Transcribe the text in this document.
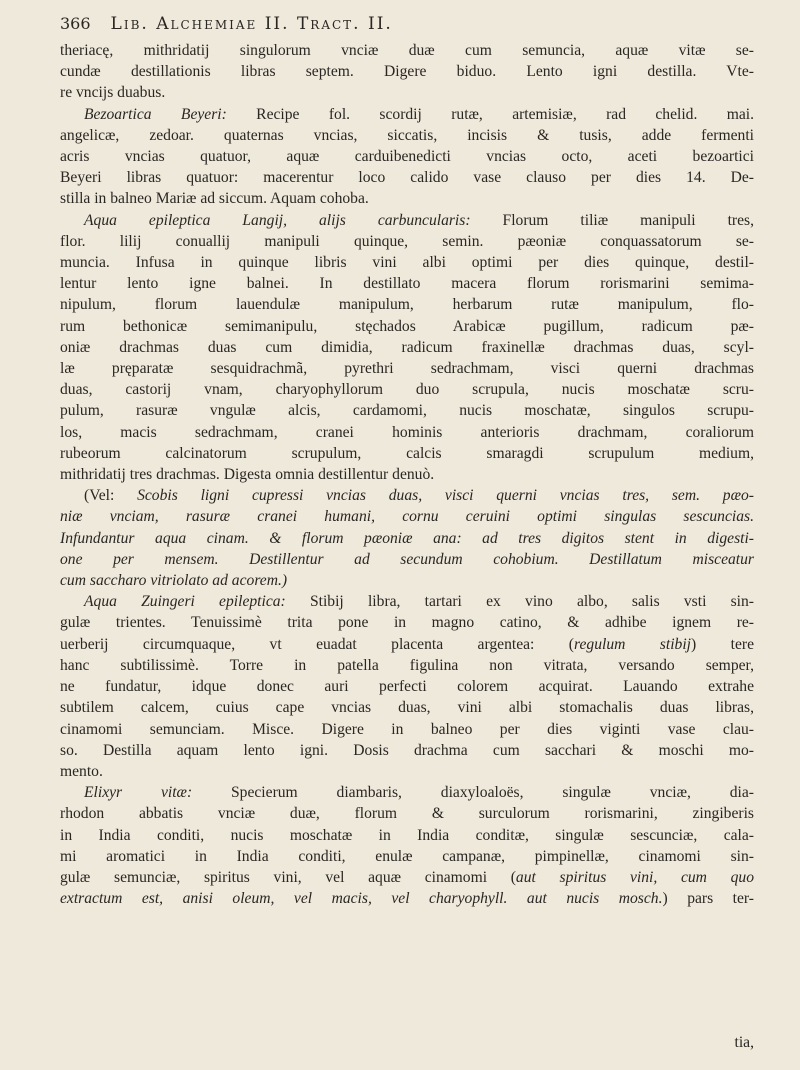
366 Lib. Alchemiae II. Tract. II.
theriacę, mithridatij singulorum vnciæ duæ cum semuncia, aquæ vitæ se-
cundæ destillationis libras septem. Digere biduo. Lento igni destilla. Vte-
re vncijs duabus.
Bezoartica Beyeri: Recipe fol. scordij rutæ, artemisiæ, rad chelid. mai.
angelicæ, zedoar. quaternas vncias, siccatis, incisis & tusis, adde fermenti
acris vncias quatuor, aquæ carduibenedicti vncias octo, aceti bezoartici
Beyeri libras quatuor: macerentur loco calido vase clauso per dies 14. De-
stilla in balneo Mariæ ad siccum. Aquam cohoba.
Aqua epileptica Langij, alijs carbuncularis: Florum tiliæ manipuli tres,
flor. lilij conuallij manipuli quinque, semin. pæoniæ conquassatorum se-
muncia. Infusa in quinque libris vini albi optimi per dies quinque, destil-
lentur lento igne balnei. In destillato macera florum rorismarini semima-
nipulum, florum lauendulæ manipulum, herbarum rutæ manipulum, flo-
rum bethonicæ semimanipulu, stęchados Arabicæ pugillum, radicum pæ-
oniæ drachmas duas cum dimidia, radicum fraxinellæ drachmas duas, scyl-
læ pręparatæ sesquidrachmã, pyrethri sedrachmam, visci querni drachmas
duas, castorij vnam, charyophyllorum duo scrupula, nucis moschatæ scru-
pulum, rasuræ vngulæ alcis, cardamomi, nucis moschatæ, singulos scrupu-
los, macis sedrachmam, cranei hominis anterioris drachmam, coraliorum
rubeorum calcinatorum scrupulum, calcis smaragdi scrupulum medium,
mithridatij tres drachmas. Digesta omnia destillentur denuò.
(Vel: Scobis ligni cupressi vncias duas, visci querni vncias tres, sem. pæo-
niæ vnciam, rasuræ cranei humani, cornu ceruini optimi singulas sescuncias.
Infundantur aqua cinam. & florum pæoniæ ana: ad tres digitos stent in digesti-
one per mensem. Destillentur ad secundum cohobium. Destillatum misceatur
cum saccharo vitriolato ad acorem.)
Aqua Zuingeri epileptica: Stibij libra, tartari ex vino albo, salis vsti sin-
gulæ trientes. Tenuissimè trita pone in magno catino, & adhibe ignem re-
uerberij circumquaque, vt euadat placenta argentea: (regulum stibij) tere
hanc subtilissimè. Torre in patella figulina non vitrata, versando semper,
ne fundatur, idque donec auri perfecti colorem acquirat. Lauando extrahe
subtilem calcem, cuius cape vncias duas, vini albi stomachalis duas libras,
cinamomi semunciam. Misce. Digere in balneo per dies viginti vase clau-
so. Destilla aquam lento igni. Dosis drachma cum sacchari & moschi mo-
mento.
Elixyr vitæ: Specierum diambaris, diaxyloaloës, singulæ vnciæ, dia-
rhodon abbatis vnciæ duæ, florum & surculorum rorismarini, zingiberis
in India conditi, nucis moschatæ in India conditæ, singulæ sescunciæ, cala-
mi aromatici in India conditi, enulæ campanæ, pimpinellæ, cinamomi sin-
gulæ semunciæ, spiritus vini, vel aquæ cinamomi (aut spiritus vini, cum quo
extractum est, anisi oleum, vel macis, vel charyophyll. aut nucis mosch.) pars ter-
tia,
